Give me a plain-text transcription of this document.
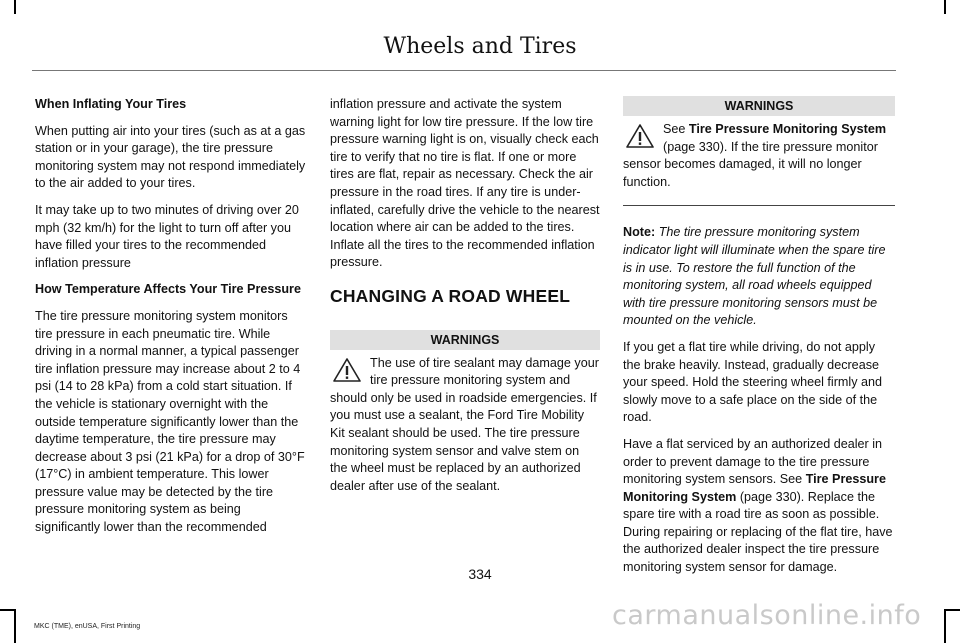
Wheels and Tires
When Inflating Your Tires

When putting air into your tires (such as at a gas station or in your garage), the tire pressure monitoring system may not respond immediately to the air added to your tires.

It may take up to two minutes of driving over 20 mph (32 km/h) for the light to turn off after you have filled your tires to the recommended inflation pressure

How Temperature Affects Your Tire Pressure

The tire pressure monitoring system monitors tire pressure in each pneumatic tire. While driving in a normal manner, a typical passenger tire inflation pressure may increase about 2 to 4 psi (14 to 28 kPa) from a cold start situation. If the vehicle is stationary overnight with the outside temperature significantly lower than the daytime temperature, the tire pressure may decrease about 3 psi (21 kPa) for a drop of 30°F (17°C) in ambient temperature. This lower pressure value may be detected by the tire pressure monitoring system as being significantly lower than the recommended

inflation pressure and activate the system warning light for low tire pressure. If the low tire pressure warning light is on, visually check each tire to verify that no tire is flat. If one or more tires are flat, repair as necessary. Check the air pressure in the road tires. If any tire is under-inflated, carefully drive the vehicle to the nearest location where air can be added to the tires. Inflate all the tires to the recommended inflation pressure.

CHANGING A ROAD WHEEL
WARNINGS
The use of tire sealant may damage your tire pressure monitoring system and should only be used in roadside emergencies. If you must use a sealant, the Ford Tire Mobility Kit sealant should be used. The tire pressure monitoring system sensor and valve stem on the wheel must be replaced by an authorized dealer after use of the sealant.
WARNINGS
See Tire Pressure Monitoring System (page 330). If the tire pressure monitor sensor becomes damaged, it will no longer function.

Note: The tire pressure monitoring system indicator light will illuminate when the spare tire is in use. To restore the full function of the monitoring system, all road wheels equipped with tire pressure monitoring sensors must be mounted on the vehicle.

If you get a flat tire while driving, do not apply the brake heavily. Instead, gradually decrease your speed. Hold the steering wheel firmly and slowly move to a safe place on the side of the road.

Have a flat serviced by an authorized dealer in order to prevent damage to the tire pressure monitoring system sensors. See Tire Pressure Monitoring System (page 330). Replace the spare tire with a road tire as soon as possible. During repairing or replacing of the flat tire, have the authorized dealer inspect the tire pressure monitoring system sensor for damage.

334
MKC (TME), enUSA, First Printing	carmanualsonline.info
